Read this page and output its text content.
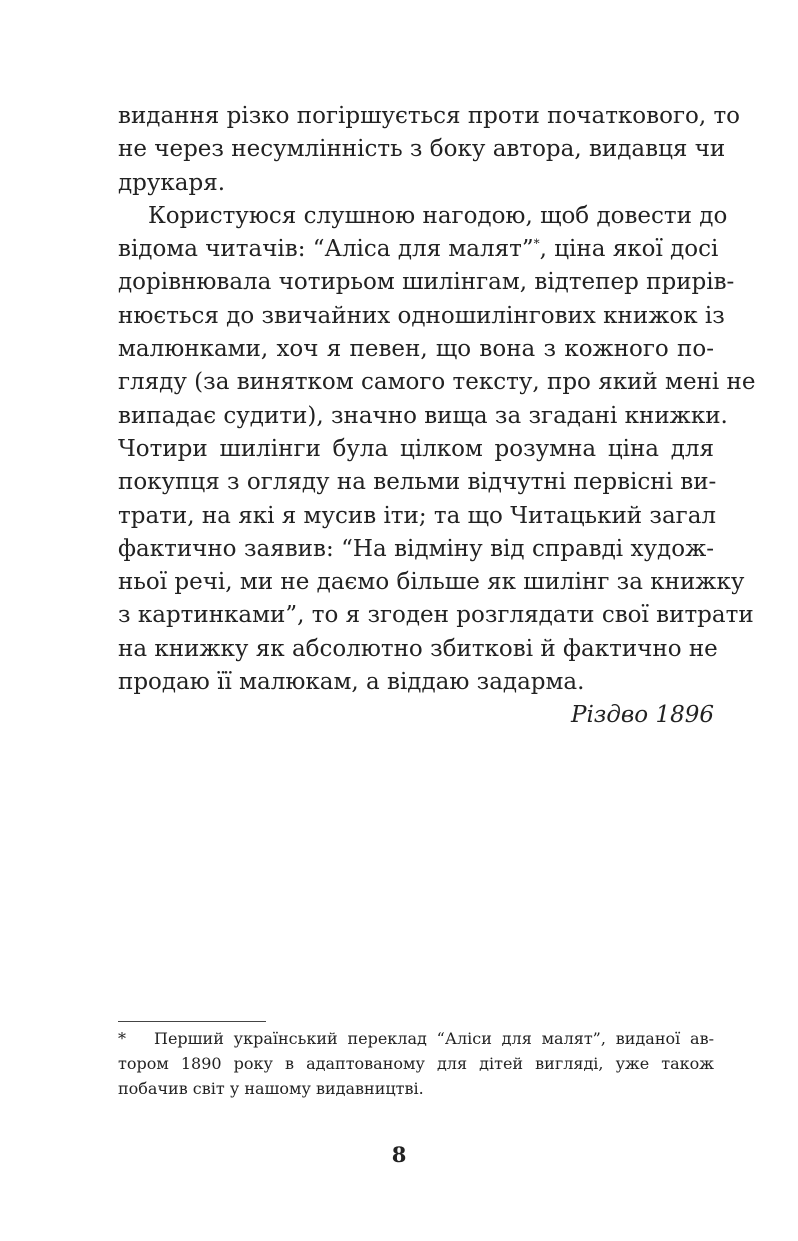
видання різко погіршується проти початкового, то
не через несумлінність з боку автора, видавця чи
друкаря.
Користуюся слушною нагодою, щоб довести до
відома читачів: “Аліса для малят”*, ціна якої досі
дорівнювала чотирьом шилінгам, відтепер прирів-
нюється до звичайних одношилінгових книжок із
малюнками, хоч я певен, що вона з кожного по-
гляду (за винятком самого тексту, про який мені не
випадає судити), значно вища за згадані книжки.
Чотири шилінги була цілком розумна ціна для
покупця з огляду на вельми відчутні первісні ви-
трати, на які я мусив іти; та що Читацький загал
фактично заявив: “На відміну від справді худож-
ньої речі, ми не даємо більше як шилінг за книжку
з картинками”, то я згоден розглядати свої витрати
на книжку як абсолютно збиткові й фактично не
продаю її малюкам, а віддаю задарма.
Різдво 1896
* Перший український переклад “Аліси для малят”, виданої ав-
тором 1890 року в адаптованому для дітей вигляді, уже також
побачив світ у нашому видавництві.
8
